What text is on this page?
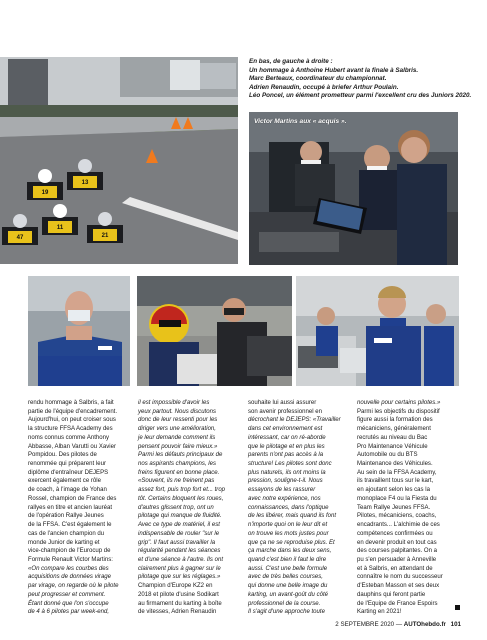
47
11
21
19
13
En bas, de gauche à droite :
Un hommage à Anthoine Hubert avant la finale à Salbris.
Marc Berteaux, coordinateur du championnat.
Adrien Renaudin, occupé à briefer Arthur Poulain.
Léo Poncel, un élément prometteur parmi l'excellent cru des Juniors 2020.
Victor Martins aux « acquis ».
rendu hommage à Salbris, a fait
partie de l'équipe d'encadrement.
Aujourd'hui, on peut croiser sous
la structure FFSA Academy des
noms connus comme Anthony
Abbasse, Alban Varutti ou Xavier
Pompidou. Des pilotes de
renommée qui préparent leur
diplôme d'entraîneur DEJEPS
exercent également ce rôle
de coach, à l'image de Yohan
Rossel, champion de France des
rallyes en titre et ancien lauréat
de l'opération Rallye Jeunes
de la FFSA. C'est également le
cas de l'ancien champion du
monde Junior de karting et
vice-champion de l'Eurocup de
Formule Renault Victor Martins:
«On compare les courbes des
acquisitions de données virage
par virage, on regarde où le pilote
peut progresser et comment.
Étant donné que l'on s'occupe
de 4 à 6 pilotes par week-end,
il est impossible d'avoir les
yeux partout. Nous discutons
donc de leur ressenti pour les
diriger vers une amélioration,
je leur demande comment ils
pensent pouvoir faire mieux.»
Parmi les défauts principaux de
nos aspirants champions, les
freins figurent en bonne place.
«Souvent, ils ne freinent pas
assez fort, puis trop fort et... trop
tôt. Certains bloquent les roues,
d'autres glissent trop, ont un
pilotage qui manque de fluidité.
Avec ce type de matériel, il est
indispensable de rouler "sur le
grip". Il faut aussi travailler la
régularité pendant les séances
et d'une séance à l'autre. Ils ont
clairement plus à gagner sur le
pilotage que sur les réglages.»
Champion d'Europe KZ2 en
2018 et pilote d'usine Sodikart
au firmament du karting à boîte
de vitesses, Adrien Renaudin
souhaite lui aussi assurer
son avenir professionnel en
décrochant le DEJEPS: «Travailler
dans cet environnement est
intéressant, car on ré-aborde
que le pilotage et en plus les
parents n'ont pas accès à la
structure! Les pilotes sont donc
plus naturels, ils ont moins la
pression, souligne-t-il. Nous
essayons de les rassurer
avec notre expérience, nos
connaissances, dans l'optique
de les libérer, mais quand ils font
n'importe quoi on le leur dit et
on trouve les mots justes pour
que ça ne se reproduise plus. Et
ça marche dans les deux sens,
quand c'est bien il faut le dire
aussi. C'est une belle formule
avec de très belles courses,
qui donne une belle image du
karting, un avant-goût du côté
professionnel de la course.
Il s'agit d'une approche toute
nouvelle pour certains pilotes.»
Parmi les objectifs du dispositif
figure aussi la formation des
mécaniciens, généralement
recrutés au niveau du Bac
Pro Maintenance Véhicule
Automobile ou du BTS
Maintenance des Véhicules.
Au sein de la FFSA Academy,
ils travaillent tous sur le kart,
en ajoutant selon les cas la
monoplace F4 ou la Fiesta du
Team Rallye Jeunes FFSA.
Pilotes, mécaniciens, coachs,
encadrants... L'alchimie de ces
compétences confirmées ou
en devenir produit en tout cas
des courses palpitantes. On a
pu s'en persuader à Anneville
et à Salbris, en attendant de
connaître le nom du successeur
d'Esteban Masson et ses deux
dauphins qui feront partie
de l'Equipe de France Espoirs
Karting en 2021!
2 SEPTEMBRE 2020 — AUTOhebdo.fr 101
FFSA
FFSA
